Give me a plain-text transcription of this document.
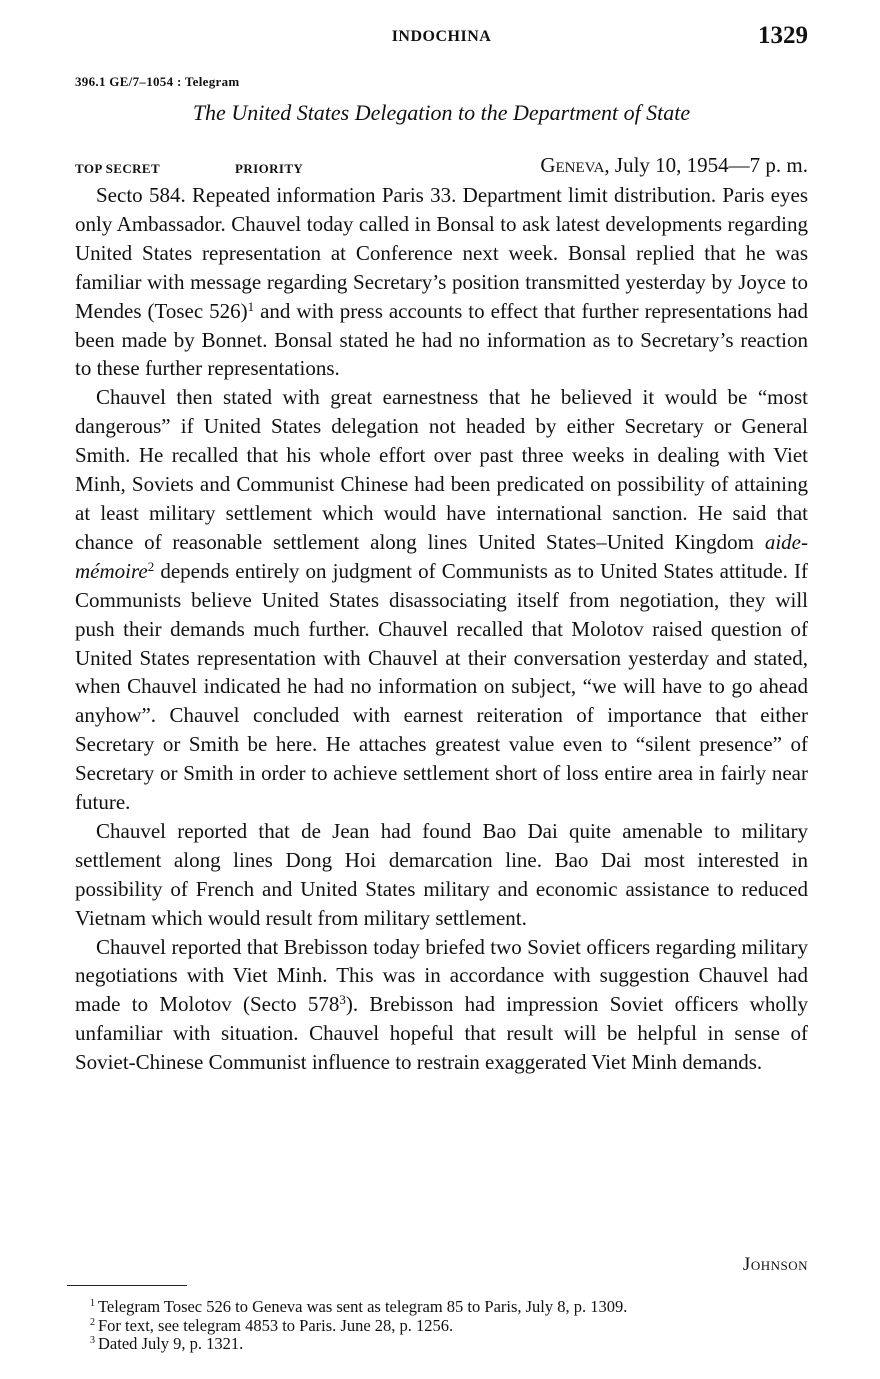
INDOCHINA	1329
396.1 GE/7–1054 : Telegram
The United States Delegation to the Department of State
TOP SECRET	PRIORITY	Geneva, July 10, 1954—7 p. m.

Secto 584. Repeated information Paris 33. Department limit distribution. Paris eyes only Ambassador. Chauvel today called in Bonsal to ask latest developments regarding United States representation at Conference next week. Bonsal replied that he was familiar with message regarding Secretary’s position transmitted yesterday by Joyce to Mendes (Tosec 526)$^1$ and with press accounts to effect that further representations had been made by Bonnet. Bonsal stated he had no information as to Secretary’s reaction to these further representations.

Chauvel then stated with great earnestness that he believed it would be “most dangerous” if United States delegation not headed by either Secretary or General Smith. He recalled that his whole effort over past three weeks in dealing with Viet Minh, Soviets and Communist Chinese had been predicated on possibility of attaining at least military settlement which would have international sanction. He said that chance of reasonable settlement along lines United States–United Kingdom aide-mémoire$^2$ depends entirely on judgment of Communists as to United States attitude. If Communists believe United States disassociating itself from negotiation, they will push their demands much further. Chauvel recalled that Molotov raised question of United States representation with Chauvel at their conversation yesterday and stated, when Chauvel indicated he had no information on subject, “we will have to go ahead anyhow”. Chauvel concluded with earnest reiteration of importance that either Secretary or Smith be here. He attaches greatest value even to “silent presence” of Secretary or Smith in order to achieve settlement short of loss entire area in fairly near future.

Chauvel reported that de Jean had found Bao Dai quite amenable to military settlement along lines Dong Hoi demarcation line. Bao Dai most interested in possibility of French and United States military and economic assistance to reduced Vietnam which would result from military settlement.

Chauvel reported that Brebisson today briefed two Soviet officers regarding military negotiations with Viet Minh. This was in accordance with suggestion Chauvel had made to Molotov (Secto 578$^3$). Brebisson had impression Soviet officers wholly unfamiliar with situation. Chauvel hopeful that result will be helpful in sense of Soviet-Chinese Communist influence to restrain exaggerated Viet Minh demands.

Johnson

$^1$ Telegram Tosec 526 to Geneva was sent as telegram 85 to Paris, July 8, p. 1309.

$^2$ For text, see telegram 4853 to Paris. June 28, p. 1256.

$^3$ Dated July 9, p. 1321.
